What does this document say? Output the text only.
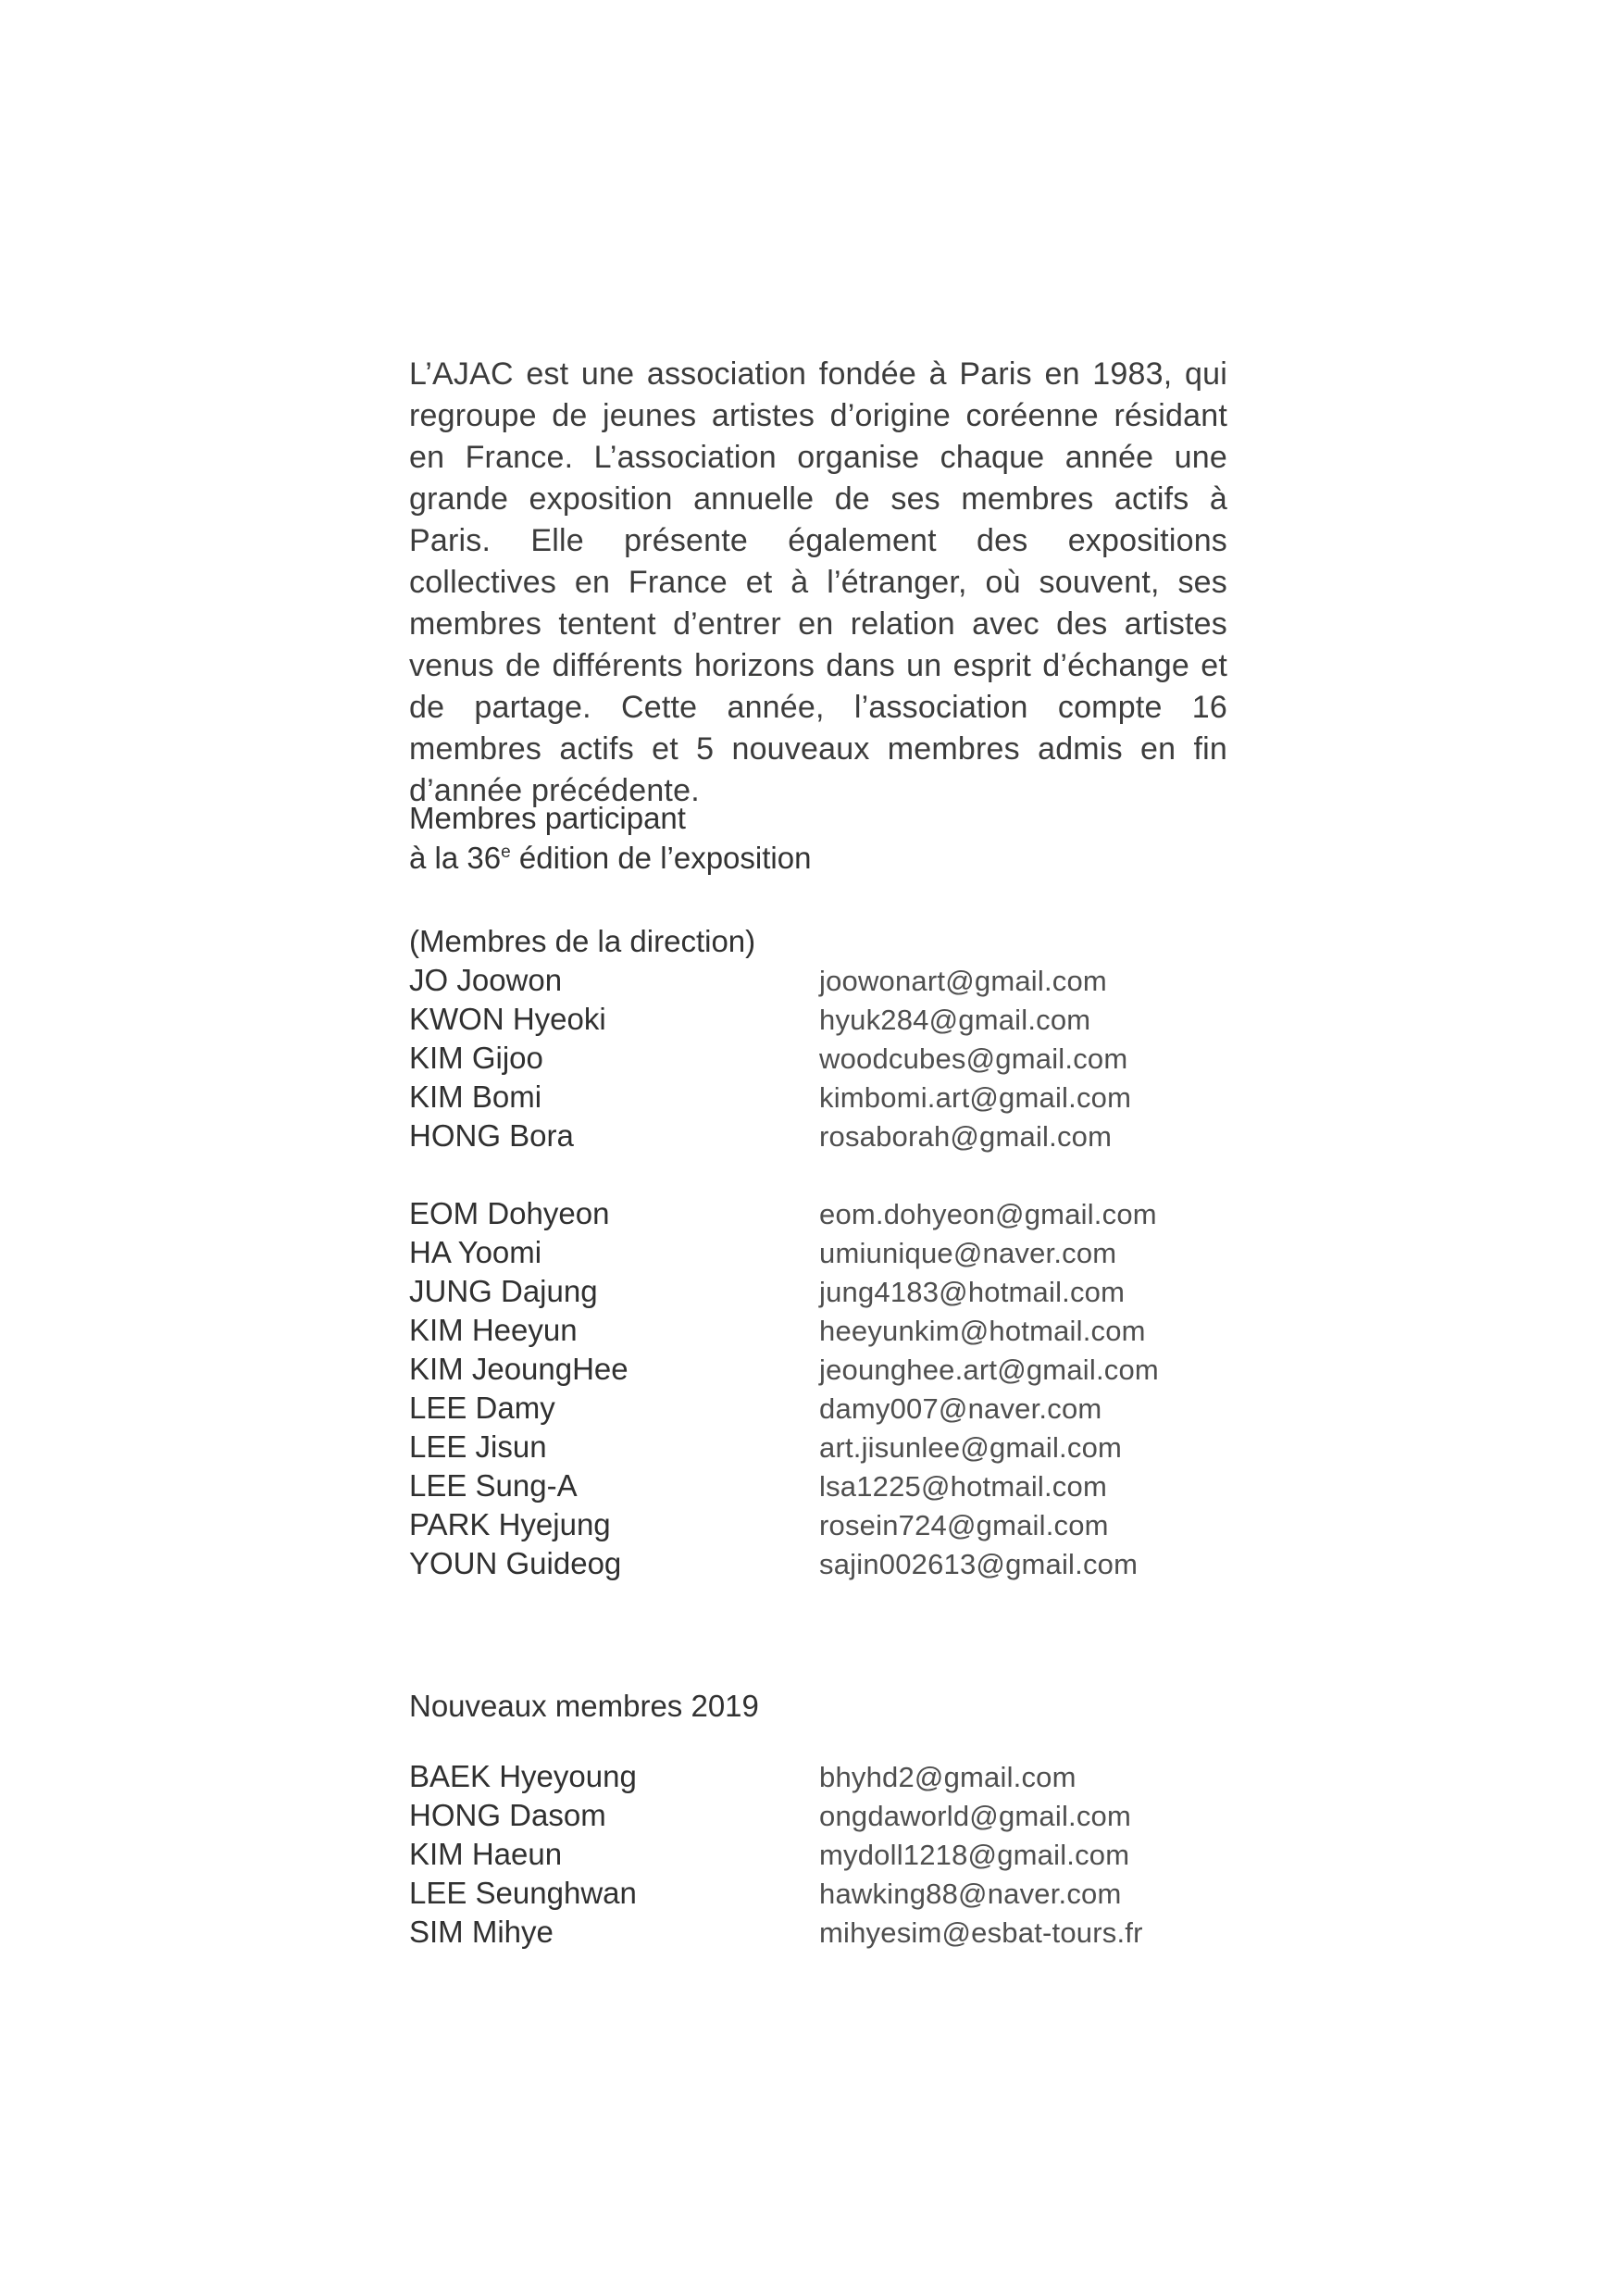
L’AJAC est une association fondée à Paris en 1983, qui regroupe de jeunes artistes d’origine coréenne résidant en France. L’association organise chaque année une grande exposition annuelle de ses membres actifs à Paris. Elle présente également des expositions collectives en France et à l’étranger, où souvent, ses membres tentent d’entrer en relation avec des artistes venus de différents horizons dans un esprit d’échange et de partage. Cette année, l’association compte 16 membres actifs et 5 nouveaux membres admis en fin d’année précédente.

Membres participant
à la 36e édition de l’exposition
(Membres de la direction)
JO Joowon	joowonart@gmail.com
KWON Hyeoki	hyuk284@gmail.com
KIM Gijoo	woodcubes@gmail.com
KIM Bomi	kimbomi.art@gmail.com
HONG Bora	rosaborah@gmail.com
EOM Dohyeon	eom.dohyeon@gmail.com
HA Yoomi	umiunique@naver.com
JUNG Dajung	jung4183@hotmail.com
KIM Heeyun	heeyunkim@hotmail.com
KIM JeoungHee	jeounghee.art@gmail.com
LEE Damy	damy007@naver.com
LEE Jisun	art.jisunlee@gmail.com
LEE Sung-A	lsa1225@hotmail.com
PARK Hyejung	rosein724@gmail.com
YOUN Guideog	sajin002613@gmail.com
Nouveaux membres 2019
BAEK Hyeyoung	bhyhd2@gmail.com
HONG Dasom	ongdaworld@gmail.com
KIM Haeun	mydoll1218@gmail.com
LEE Seunghwan	hawking88@naver.com
SIM Mihye	mihyesim@esbat-tours.fr
